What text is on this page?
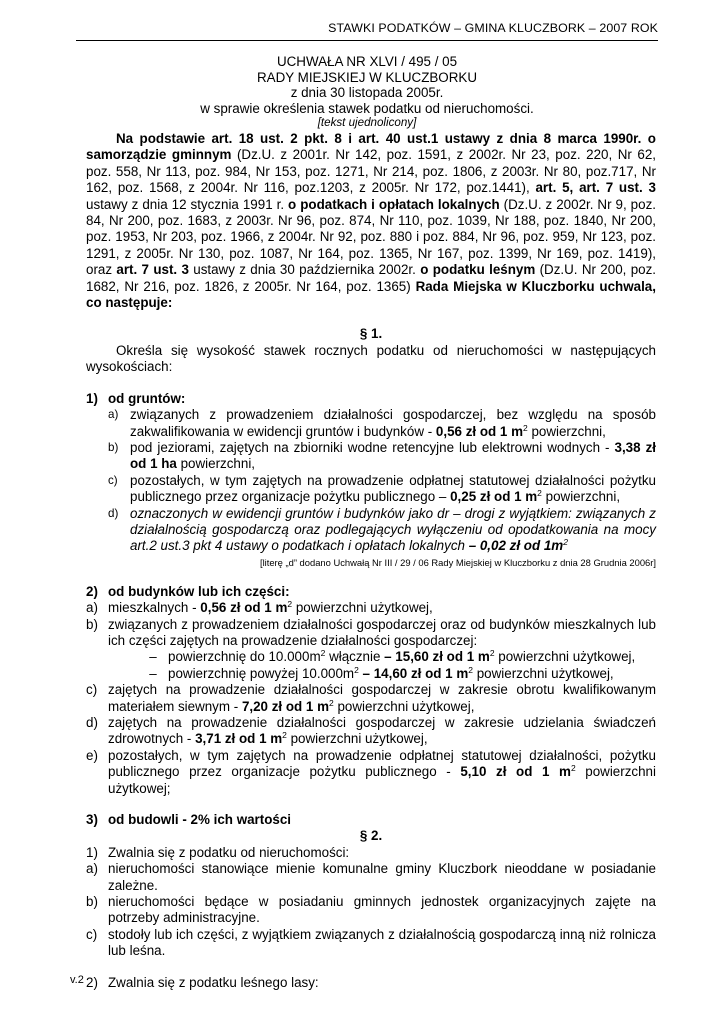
STAWKI PODATKÓW – GMINA KLUCZBORK – 2007 ROK
UCHWAŁA NR XLVI / 495 / 05
RADY MIEJSKIEJ W KLUCZBORKU
z dnia 30 listopada 2005r.
w sprawie określenia stawek podatku od nieruchomości.
[tekst ujednolicony]

Na podstawie art. 18 ust. 2 pkt. 8 i art. 40 ust.1 ustawy z dnia 8 marca 1990r. o samorządzie gminnym (Dz.U. z 2001r. Nr 142, poz. 1591, z 2002r. Nr 23, poz. 220, Nr 62, poz. 558, Nr 113, poz. 984, Nr 153, poz. 1271, Nr 214, poz. 1806, z 2003r. Nr 80, poz.717, Nr 162, poz. 1568, z 2004r. Nr 116, poz.1203, z 2005r. Nr 172, poz.1441), art. 5, art. 7 ust. 3 ustawy z dnia 12 stycznia 1991 r. o podatkach i opłatach lokalnych (Dz.U. z 2002r. Nr 9, poz. 84, Nr 200, poz. 1683, z 2003r. Nr 96, poz. 874, Nr 110, poz. 1039, Nr 188, poz. 1840, Nr 200, poz. 1953, Nr 203, poz. 1966, z 2004r. Nr 92, poz. 880 i poz. 884, Nr 96, poz. 959, Nr 123, poz. 1291, z 2005r. Nr 130, poz. 1087, Nr 164, poz. 1365, Nr 167, poz. 1399, Nr 169, poz. 1419), oraz art. 7 ust. 3 ustawy z dnia 30 października 2002r. o podatku leśnym (Dz.U. Nr 200, poz. 1682, Nr 216, poz. 1826, z 2005r. Nr 164, poz. 1365) Rada Miejska w Kluczborku uchwala, co następuje:

§ 1.

Określa się wysokość stawek rocznych podatku od nieruchomości w następujących wysokościach:

1) od gruntów:
a) związanych z prowadzeniem działalności gospodarczej, bez względu na sposób zakwalifikowania w ewidencji gruntów i budynków - 0,56 zł od 1 $m^2$ powierzchni,
b) pod jeziorami, zajętych na zbiorniki wodne retencyjne lub elektrowni wodnych - 3,38 zł od 1 ha powierzchni,
c) pozostałych, w tym zajętych na prowadzenie odpłatnej statutowej działalności pożytku publicznego przez organizacje pożytku publicznego – 0,25 zł od 1 $m^2$ powierzchni,
d) oznaczonych w ewidencji gruntów i budynków jako dr – drogi z wyjątkiem: związanych z działalnością gospodarczą oraz podlegających wyłączeniu od opodatkowania na mocy art.2 ust.3 pkt 4 ustawy o podatkach i opłatach lokalnych – 0,02 zł od $1m^2$
[literę „d” dodano Uchwałą Nr III / 29 / 06 Rady Miejskiej w Kluczborku z dnia 28 Grudnia 2006r]
2) od budynków lub ich części:
a) mieszkalnych - 0,56 zł od 1 $m^2$ powierzchni użytkowej,
b) związanych z prowadzeniem działalności gospodarczej oraz od budynków mieszkalnych lub ich części zajętych na prowadzenie działalności gospodarczej:
– powierzchnię do $10.000m^2$ włącznie – 15,60 zł od 1 $m^2$ powierzchni użytkowej,
– powierzchnię powyżej $10.000m^2 - 14,60$ zł od 1 $m^2$ powierzchni użytkowej,
c) zajętych na prowadzenie działalności gospodarczej w zakresie obrotu kwalifikowanym materiałem siewnym - 7,20 zł od 1 $m^2$ powierzchni użytkowej,
d) zajętych na prowadzenie działalności gospodarczej w zakresie udzielania świadczeń zdrowotnych - 3,71 zł od 1 $m^2$ powierzchni użytkowej,
e) pozostałych, w tym zajętych na prowadzenie odpłatnej statutowej działalności, pożytku publicznego przez organizacje pożytku publicznego - 5,10 zł od 1 $m^2$ powierzchni użytkowej;
3) od budowli - 2% ich wartości
§ 2.
1) Zwalnia się z podatku od nieruchomości:
a) nieruchomości stanowiące mienie komunalne gminy Kluczbork nieoddane w posiadanie zależne.
b) nieruchomości będące w posiadaniu gminnych jednostek organizacyjnych zajęte na potrzeby administracyjne.
c) stodoły lub ich części, z wyjątkiem związanych z działalnością gospodarczą inną niż rolnicza lub leśna.
2) Zwalnia się z podatku leśnego lasy:
v.2
